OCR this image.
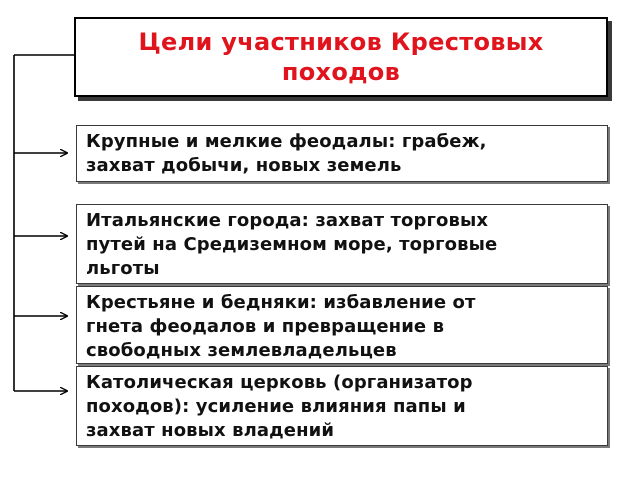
Цели участников Крестовых
походов
Крупные и мелкие феодалы: грабеж,
захват добычи, новых земель
Итальянские города: захват торговых
путей на Средиземном море, торговые
льготы
Крестьяне и бедняки: избавление от
гнета феодалов и превращение в
свободных землевладельцев
Католическая церковь (организатор
походов): усиление влияния папы и
захват новых владений
